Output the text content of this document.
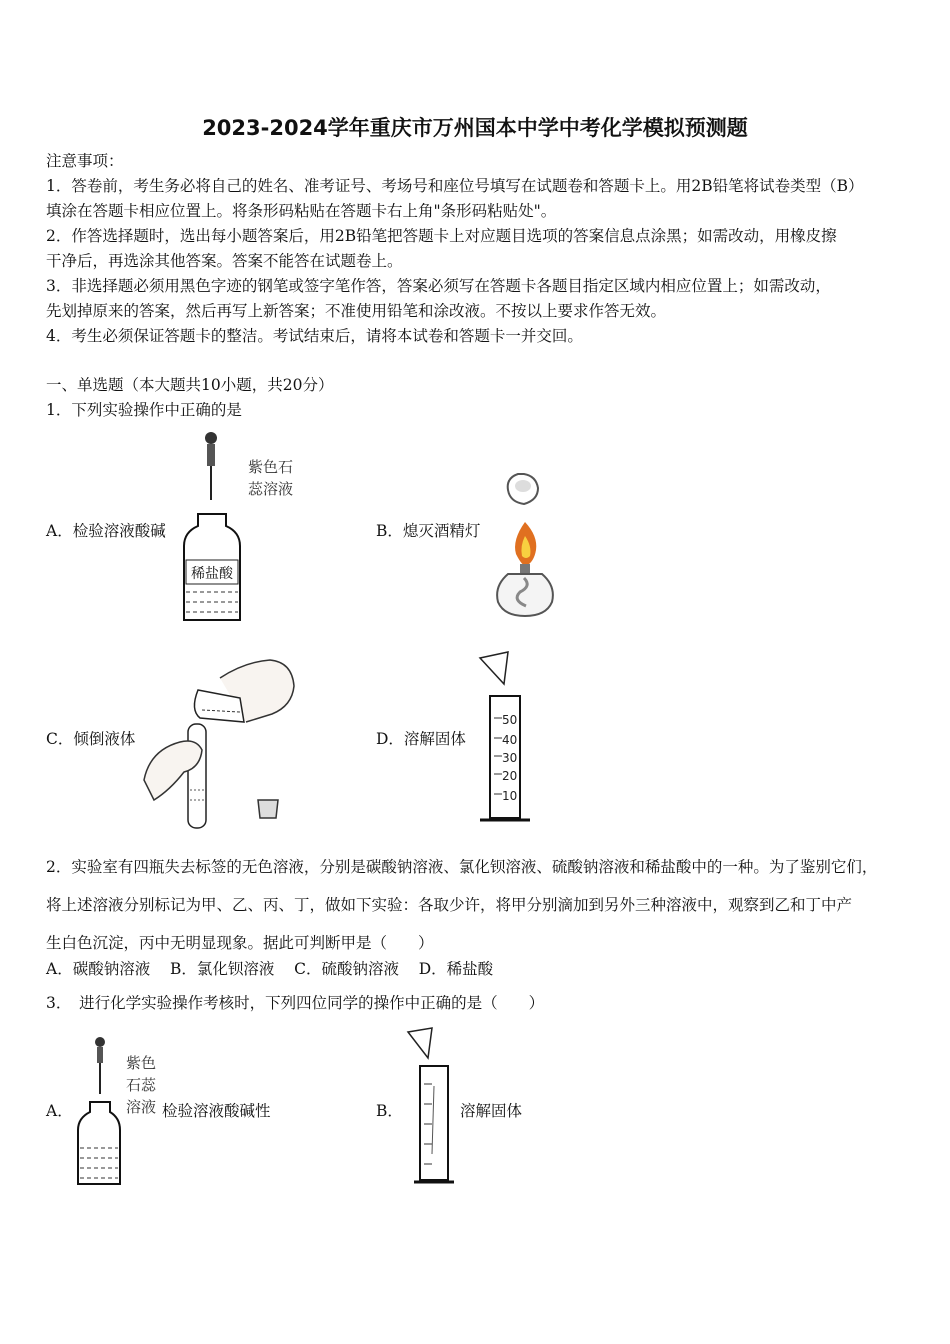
2023-2024学年重庆市万州国本中学中考化学模拟预测题
注意事项：
1．答卷前，考生务必将自己的姓名、准考证号、考场号和座位号填写在试题卷和答题卡上。用2B铅笔将试卷类型（B）
填涂在答题卡相应位置上。将条形码粘贴在答题卡右上角"条形码粘贴处"。
2．作答选择题时，选出每小题答案后，用2B铅笔把答题卡上对应题目选项的答案信息点涂黑；如需改动，用橡皮擦
干净后，再选涂其他答案。答案不能答在试题卷上。
3．非选择题必须用黑色字迹的钢笔或签字笔作答，答案必须写在答题卡各题目指定区域内相应位置上；如需改动，
先划掉原来的答案，然后再写上新答案；不准使用铅笔和涂改液。不按以上要求作答无效。
4．考生必须保证答题卡的整洁。考试结束后，请将本试卷和答题卡一并交回。
一、单选题（本大题共10小题，共20分）
1．下列实验操作中正确的是
A．检验溶液酸碱	B．熄灭酒精灯
C．倾倒液体	D．溶解固体
紫色石
蕊溶液
稀盐酸
50
40
30
20
10
2．实验室有四瓶失去标签的无色溶液，分别是碳酸钠溶液、氯化钡溶液、硫酸钠溶液和稀盐酸中的一种。为了鉴别它们，
将上述溶液分别标记为甲、乙、丙、丁，做如下实验：各取少许，将甲分别滴加到另外三种溶液中，观察到乙和丁中产
生白色沉淀，丙中无明显现象。据此可判断甲是（　　）
A．碳酸钠溶液 B．氯化钡溶液 C．硫酸钠溶液 D．稀盐酸
3．　进行化学实验操作考核时，下列四位同学的操作中正确的是（　　）
A．	检验溶液酸碱性	B．	溶解固体
紫色
石蕊
溶液
